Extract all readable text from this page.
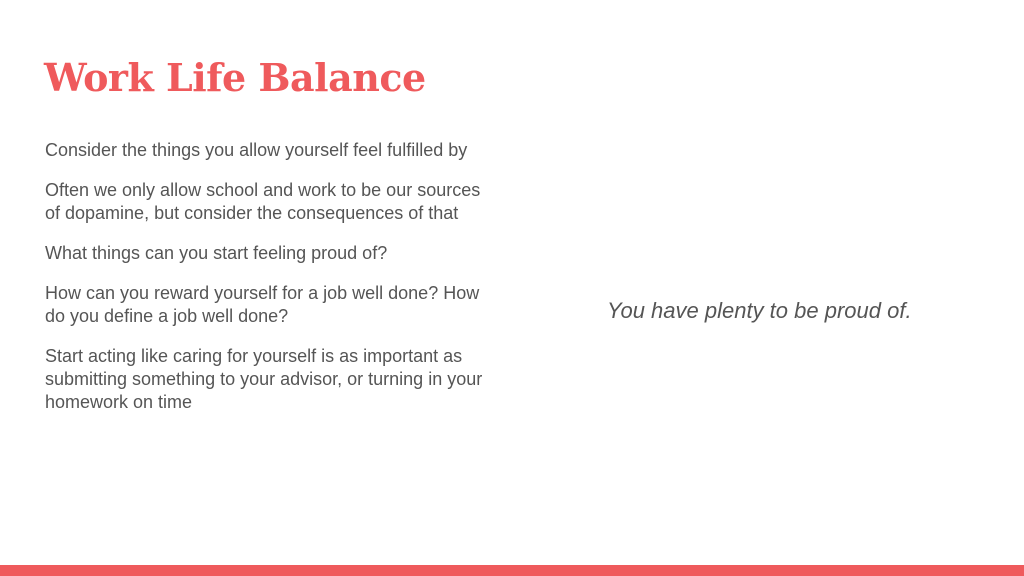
Work Life Balance
Consider the things you allow yourself feel fulfilled by
Often we only allow school and work to be our sources of dopamine, but consider the consequences of that
What things can you start feeling proud of?
How can you reward yourself for a job well done? How do you define a job well done?
Start acting like caring for yourself is as important as submitting something to your advisor, or turning in your homework on time

You have plenty to be proud of.
